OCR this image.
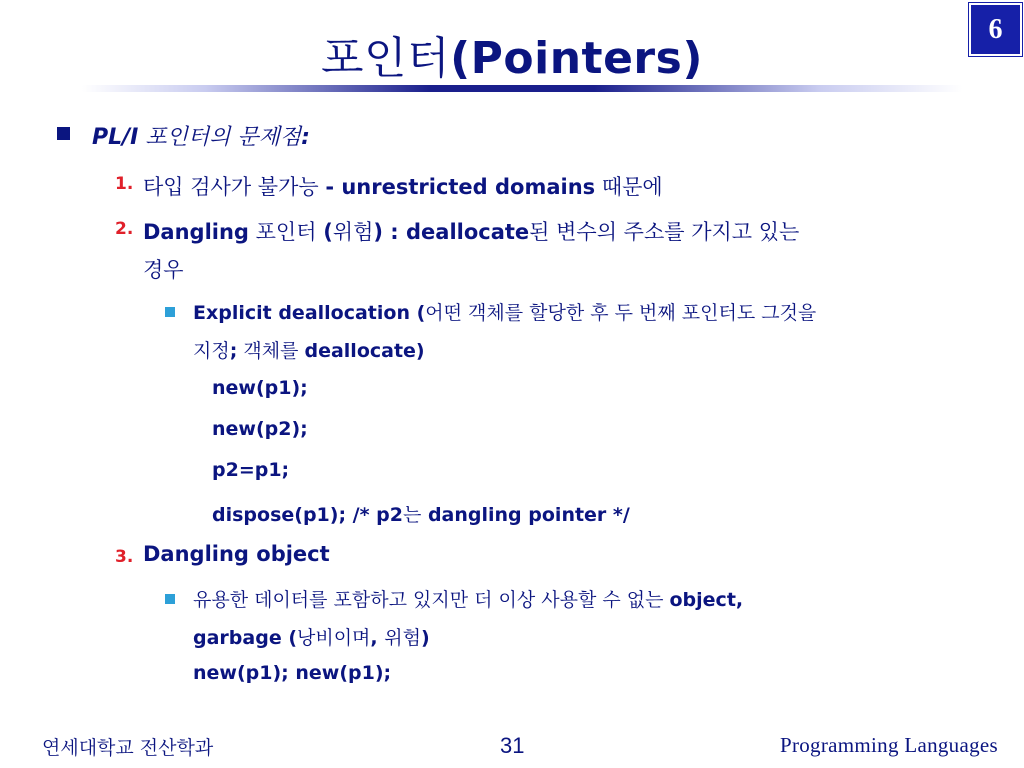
포인터(Pointers)
6
PL/I 포인터의 문제점:
1. 타입 검사가 불가능 - unrestricted domains 때문에
2. Dangling 포인터 (위험) : deallocate된 변수의 주소를 가지고 있는
경우
Explicit deallocation (어떤 객체를 할당한 후 두 번째 포인터도 그것을
지정; 객체를 deallocate)
new(p1);
new(p2);
p2=p1;
dispose(p1); /* p2는 dangling pointer */
3. Dangling object
유용한 데이터를 포함하고 있지만 더 이상 사용할 수 없는 object,
garbage (낭비이며, 위험)
new(p1); new(p1);
연세대학교 전산학과	31	Programming Languages
